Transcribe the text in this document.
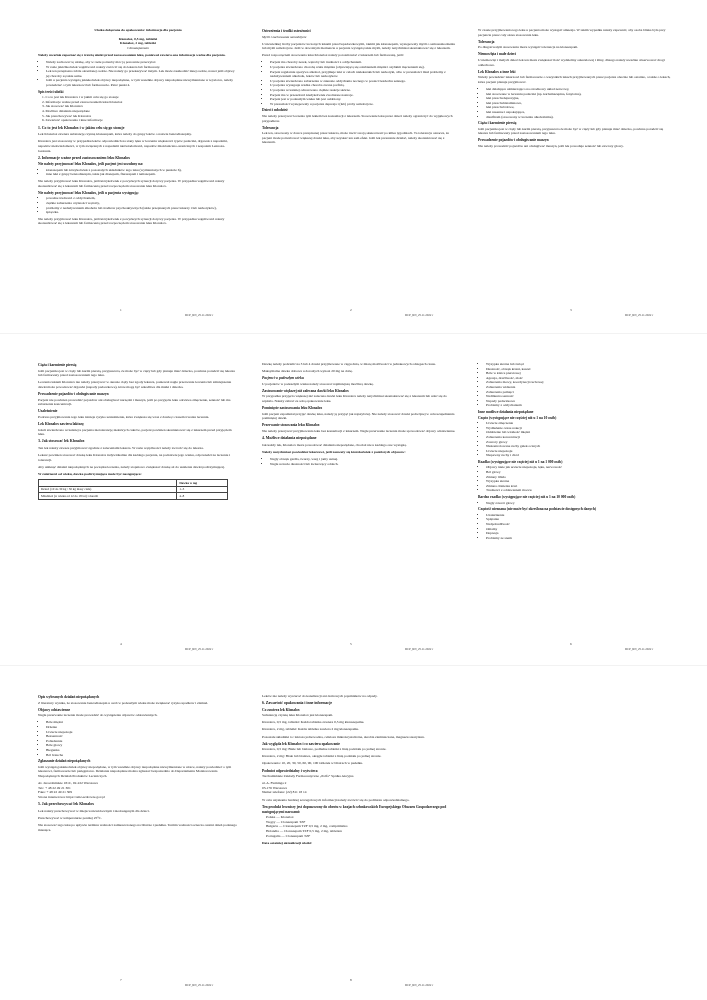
Ulotka dołączona do opakowania: informacja dla pacjenta

Klonalox, 0,5 mg, tabletki

Klonalox, 2 mg, tabletki

Clonazepamum

Należy uważnie zapoznać się z treścią ulotki przed zastosowaniem leku, ponieważ zawiera ona informacje ważne dla pacjenta.

• Należy zachować tę ulotkę, aby w razie potrzeby móc ją ponownie przeczytać.
• W razie jakichkolwiek wątpliwości należy zwrócić się do lekarza lub farmaceuty.
• Lek ten przepisano ściśle określonej osobie. Nie należy go przekazywać innym. Lek może zaszkodzić innej osobie, nawet jeśli objawy jej choroby są takie same.
• Jeśli u pacjenta wystąpią jakiekolwiek objawy niepożądane, w tym wszelkie objawy niepożądane niewymienione w tej ulotce, należy powiedzieć o tym lekarzowi lub farmaceucie. Patrz punkt 4.
Spis treści ulotki
1. Co to jest lek Klonalox i w jakim celu się go stosuje
2. Informacje ważne przed zastosowaniem leku Klonalox
3. Jak stosować lek Klonalox
4. Możliwe działania niepożądane
5. Jak przechowywać lek Klonalox
6. Zawartość opakowania i inne informacje
1. Co to jest lek Klonalox i w jakim celu się go stosuje

Lek Klonalox zawiera substancję czynną klonazepam, która należy do grupy leków o nazwie benzodiazepiny.

Klonalox jest stosowany w przypadku leków odpowiednich na stany lęku w leczeniu większości typów padaczki, drgawek z napadami, napadów nieświadomości, w tym związanych z napadami nieświadomości, napadów miokloniczno-atonicznych i zespołem Lennoxa-Gastauta.

2. Informacje ważne przed zastosowaniem leku Klonalox
Nie należy przyjmować leku Klonalox, jeśli pacjent jest uczulony na:
• klonazepam lub którykolwiek z pozostałych składników tego leku (wymienionych w punkcie 6),
• inne leki z grupy benzodiazepin, takie jak diazepam, flurazepam i temazepam.

Nie należy przyjmować leku Klonalox, jeśli którykolwiek z powyższych sytuacji dotyczy pacjenta. W przypadku wątpliwości należy skonsultować się z lekarzem lub farmaceutą przed rozpoczęciem stosowania leku Klonalox.

Nie należy przyjmować leku Klonalox, jeśli u pacjenta występują:
• poważne trudności z oddychaniem,
• ciężkie zaburzenia czynności wątroby,
• problemy z nadużywaniem alkoholu lub środków psychoaktywnych (także przepisanych przez lekarzy i lub narkotyków),
• śpiączka.

Nie należy przyjmować leku Klonalox, jeśli którykolwiek z powyższych sytuacji dotyczy pacjenta. W przypadku wątpliwości należy skonsultować się z lekarzem lub farmaceutą przed rozpoczęciem stosowania leku Klonalox.

Ostrzeżenia i środki ostrożności

Myśli i zachowania samobójcze

U niewielkiej liczby pacjentów leczonych lekami przeciwpadaczkowymi, takimi jak klonazepam, występowały myśli o samouszkodzeniu lub myśli samobójcze. Jeśli w dowolnym momencie u pacjenta wystąpią takie myśli, należy natychmiast skontaktować się z lekarzem.

Przed rozpoczęciem stosowania leku Klonalox należy porozmawiać z lekarzem lub farmaceutą, jeśli:

• Pacjent ma choroby nerek, wątroby lub trudności z oddychaniem.
• U pacjenta stwierdzono chorobę rzutu mięśnia (objawiającą się osłabieniem mięśni i szybkim męczeniem się).
• Pacjent regularnie spożywa alkohol, przyjmuje leki w celach nielekarskich lub narkotyki, albo w przeszłości miał problemy z nadużywaniem alkoholu, leków lub narkotyków.
• U pacjenta stwierdzono zaburzenia w zakresie oddychania nocnego w postaci bezdechu sennego.
• U pacjenta występuje rzadka choroba zwana porfirią.
• U pacjenta wcześniej odnotowano ciężkie reakcje skórne.
• Pacjent ma w przeszłości kiedykolwiek zwolnione nastroje.
• Pacjent jest w podeszłym wieku lub jest osłabiony.
• W przeszłości występowały u pacjenta depresja i (lub) próby samobójcze.
Dzieci i młodzież

Nie należy przerywać leczenia tym lekiem bez konsultacji z lekarzem. Stosowanie leku przez dzieci należy ograniczyć do wyjątkowych przypadków.

Tolerancja

Lek ten, stosowany w dawce przepisanej przez lekarza, może tracić swoją skuteczność po kilku tygodniach. Ta tolerancja oznacza, że pacjent może potrzebować większej dawki leku, aby uzyskać ten sam efekt. Jeśli lek przestanie działać, należy skontaktować się z lekarzem.

W czasie przyjmowania tego leku u pacjenta może wystąpić amnezja. W takim wypadku należy zapewnić, aby osoba bliska była przy pacjencie przez cały okres stosowania leku.

Tolerancja

Po długotrwałym stosowaniu może wystąpić tolerancja na klonazepam.

Niemowlęta i małe dzieci

U niemowląt i małych dzieci lek ten może zwiększać ilość wydzieliny oskrzelowej i śliny, dlatego należy uważnie obserwować drogi oddechowe.

Lek Klonalox a inne leki

Należy powiedzieć lekarzowi lub farmaceucie o wszystkich lekach przyjmowanych przez pacjenta obecnie lub ostatnio, a także o lekach, które pacjent planuje przyjmować.

• leki działające uśmierzająco na ośrodkowy układ nerwowy,
• leki stosowane w leczeniu padaczki (np. karbamazepina, fenytoina),
• leki przeciwdepresyjne,
• leki przeciwhistaminowe,
• leki przeciwbólowe,
• leki nasenne i uspokajające,
• disulfiram (stosowany w leczeniu alkoholizmu).
Ciąża i karmienie piersią

Jeśli pacjentka jest w ciąży lub karmi piersią, przypuszcza że może być w ciąży lub gdy planuje mieć dziecko, powinna poradzić się lekarza lub farmaceuty przed zastosowaniem tego leku.

Prowadzenie pojazdów i obsługiwanie maszyn

Nie należy prowadzić pojazdów ani obsługiwać maszyn, jeśli lek powoduje senność lub zawroty głowy.

1
DCP_RN_25.11.2022 r
2
DCP_RN_25.11.2022 r
3
DCP_RN_25.11.2022 r
Ciąża i karmienie piersią

Jeśli pacjentka jest w ciąży lub karmi piersią, przypuszcza, że może być w ciąży lub gdy planuje mieć dziecko, powinna poradzić się lekarza lub farmaceuty przed zastosowaniem tego leku.

Leczenia lekiem Klonalox nie należy przerywać w okresie ciąży bez zgody lekarza, ponieważ nagłe przerwanie leczenia lub zmniejszenie dawki może powodować drgawki (napady padaczkowe), które mogą być szkodliwe dla matki i dziecka.

Prowadzenie pojazdów i obsługiwanie maszyn

Pacjent nie powinien prowadzić pojazdów ani obsługiwać narzędzi i maszyn, jeśli po przyjęciu leku odczuwa zmęczenie, senność lub ma zaburzenia koncentracji.

Uzależnienie

Podczas przyjmowania tego leku istnieje ryzyko uzależnienia, które zwiększa się wraz z dawką i czasem trwania leczenia.

Lek Klonalox zawiera laktozę

Jeżeli stwierdzono wcześniej u pacjenta nietolerancję niektórych cukrów, pacjent powinien skontaktować się z lekarzem przed przyjęciem leku.

3. Jak stosować lek Klonalox

Ten lek należy zawsze przyjmować zgodnie z zaleceniami lekarza. W razie wątpliwości należy zwrócić się do lekarza.

Lekarz powinien stosować dawkę leku Klonalox indywidualnie dla każdego pacjenta, na podstawie jego wieku, odpowiedzi na leczenie i tolerancji.

Aby uniknąć działań niepożądanych na początku leczenia, należy stopniowo zwiększać dawkę aż do ustalenia dawki podtrzymującej.

W zależności od wieku, dawka podtrzymująca może być następująca:

	Dawka w mg
Dzieci (10 do 30 kg / 30 kg masy ciała)	1–3
Młodzież (w wieku od 12 do 18 lat) i dorośli	4–8

Dawkę należy podzielić na 3 lub 4 dawki przyjmowane w ciągu dnia, w miarę możliwości w jednakowych odstępach czasu.

Maksymalna dawka dobowa u dorosłych wynosi 20 mg na dobę.

Pacjenci w podeszłym wieku

U pacjentów w podeszłym wieku należy stosować najmniejszą możliwą dawkę.

Zastosowanie większej niż zalecana dawki leku Klonalox

W przypadku przyjęcia większej niż zalecana dawki leku Klonalox należy natychmiast skontaktować się z lekarzem lub udać się do szpitala. Należy zabrać ze sobą opakowanie leku.

Pominięcie zastosowania leku Klonalox

Jeśli pacjent zapomniał przyjąć dawkę leku, należy ją przyjąć jak najszybciej. Nie należy stosować dawki podwójnej w celu uzupełnienia pominiętej dawki.

Przerwanie stosowania leku Klonalox

Nie należy przerywać przyjmowania leku bez konsultacji z lekarzem. Nagłe przerwanie leczenia może spowodować objawy odstawienne.

4. Możliwe działania niepożądane

Jak każdy lek, Klonalox może powodować działania niepożądane, chociaż nie u każdego one wystąpią.

Należy natychmiast powiedzieć lekarzowi, jeśli zauważy się którekolwiek z poniższych objawów:

• Nagły obrzęk gardła, twarzy, warg i jamy ustnej.
• Nagłe uczucie duszności lub świszczący oddech.
• Wysypka skórna lub świąd
• Duszność, obrzęk krtani, kaszel
• Bóle w klatce piersiowej
• Agresja, drażliwość, złość
• Zaburzenia mowy, koordynacji ruchowej
• Zaburzenia widzenia
• Zaburzenia pamięci
• Nadmierna senność
• Napady padaczkowe
• Problemy z oddychaniem
Inne możliwe działania niepożądane
Często (występujące nie częściej niż u 1 na 10 osób)
• Uczucie zmęczenia
• Wydłużenie czasu reakcji
• Osłabienie lub wiotkość mięśni
• Zaburzenia koncentracji
• Zawroty głowy
• Niekontrolowane ruchy gałek ocznych
• Uczucie niepokoju
• Niepewny ruchy i chód
Rzadko (występujące nie częściej niż u 1 na 1 000 osób)
• Objawy takie jak uczucie niepokoju, lęku, nerwowość
• Ból głowy
• Zmiany libido
• Wysypka skórna
• Zmiana ciśnienia krwi
• Trudności z oddawaniem moczu
Bardzo rzadko (występujące nie częściej niż u 1 na 10 000 osób)
• Nagły zawrót głowy
Częstość nieznana (nie może być określona na podstawie dostępnych danych)
• Uzależnienie
• Splątanie
• Nadpobudliwość
• Omamy
• Depresja
• Problemy ze snem
4
DCP_RN_25.11.2022 r
5
DCP_RN_25.11.2022 r
6
DCP_RN_25.11.2022 r
Opis wybranych działań niepożądanych

Z literatury wynika, że stosowanie benzodiazepin u osób w podeszłym wieku może zwiększać ryzyko upadków i złamań.

Objawy odstawienne

Nagłe przerwanie leczenia może prowadzić do wystąpienia objawów odstawiennych.

• Bóle mięśni
• Drżenie
• Uczucie niepokoju
• Bezsenność
• Pobudzenie
• Bóle głowy
• Biegunka
• Ból brzucha
Zgłaszanie działań niepożądanych

Jeśli wystąpią jakiekolwiek objawy niepożądane, w tym wszelkie objawy niepożądane niewymienione w ulotce, należy powiedzieć o tym lekarzowi, farmaceucie lub pielęgniarce. Działania niepożądane można zgłaszać bezpośrednio do Departamentu Monitorowania Niepożądanych Działań Produktów Leczniczych.

Al. Jerozolimskie 181C, 02-222 Warszawa
Tel.: + 48 22 49 21 301
Faks: + 48 22 49 21 309
Strona internetowa: https://smz.ezdrowie.gov.pl
5. Jak przechowywać lek Klonalox

Lek należy przechowywać w miejscu niewidocznym i niedostępnym dla dzieci.

Przechowywać w temperaturze poniżej 25°C.

Nie stosować tego leku po upływie terminu ważności zamieszczonego na blistrze i pudełku. Termin ważności oznacza ostatni dzień podanego miesiąca.

Leków nie należy wyrzucać do kanalizacji ani domowych pojemników na odpady.

6. Zawartość opakowania i inne informacje
Co zawiera lek Klonalox

Substancją czynną leku Klonalox jest klonazepam.

Klonalox, 0,5 mg, tabletki: Każda tabletka zawiera 0,5 mg klonazepamu.

Klonalox, 2 mg, tabletki: Każda tabletka zawiera 2 mg klonazepamu.

Pozostałe składniki to: laktoza jednowodna, celuloza mikrokrystaliczna, skrobia ziemniaczana, magnezu stearynian.

Jak wygląda lek Klonalox i co zawiera opakowanie

Klonalox, 0,5 mg: Białe lub białawe, podłużne tabletki z linią podziału po jednej stronie.

Klonalox, 2 mg: Białe lub białawe, okrągłe tabletki z linią podziału po jednej stronie.

Opakowania: 10, 20, 30, 50, 60, 90, 100 tabletek w blistrach w pudełku.

Podmiot odpowiedzialny i wytwórca

Tarchomińskie Zakłady Farmaceutyczne „Polfa” Spółka Akcyjna

ul. A. Fleminga 2
03-176 Warszawa
Numer telefonu: (22) 811 18 14

W celu uzyskania bardziej szczegółowych informacji należy zwrócić się do podmiotu odpowiedzialnego.

Ten produkt leczniczy jest dopuszczony do obrotu w krajach członkowskich Europejskiego Obszaru Gospodarczego pod następującymi nazwami:
Polska — Klonalox
Węgry — Clonazepam TZF
Bułgaria — Clonazepam TZF 0,5 mg, 2 mg, comprimidos
Holandia — Clonazepam TZF 0,5 mg, 2 mg, tabletten
Portugalia — Clonazepam TZF

Data ostatniej aktualizacji ulotki:

7
DCP_RN_25.11.2022 r
8
DCP_RN_25.11.2022 r
